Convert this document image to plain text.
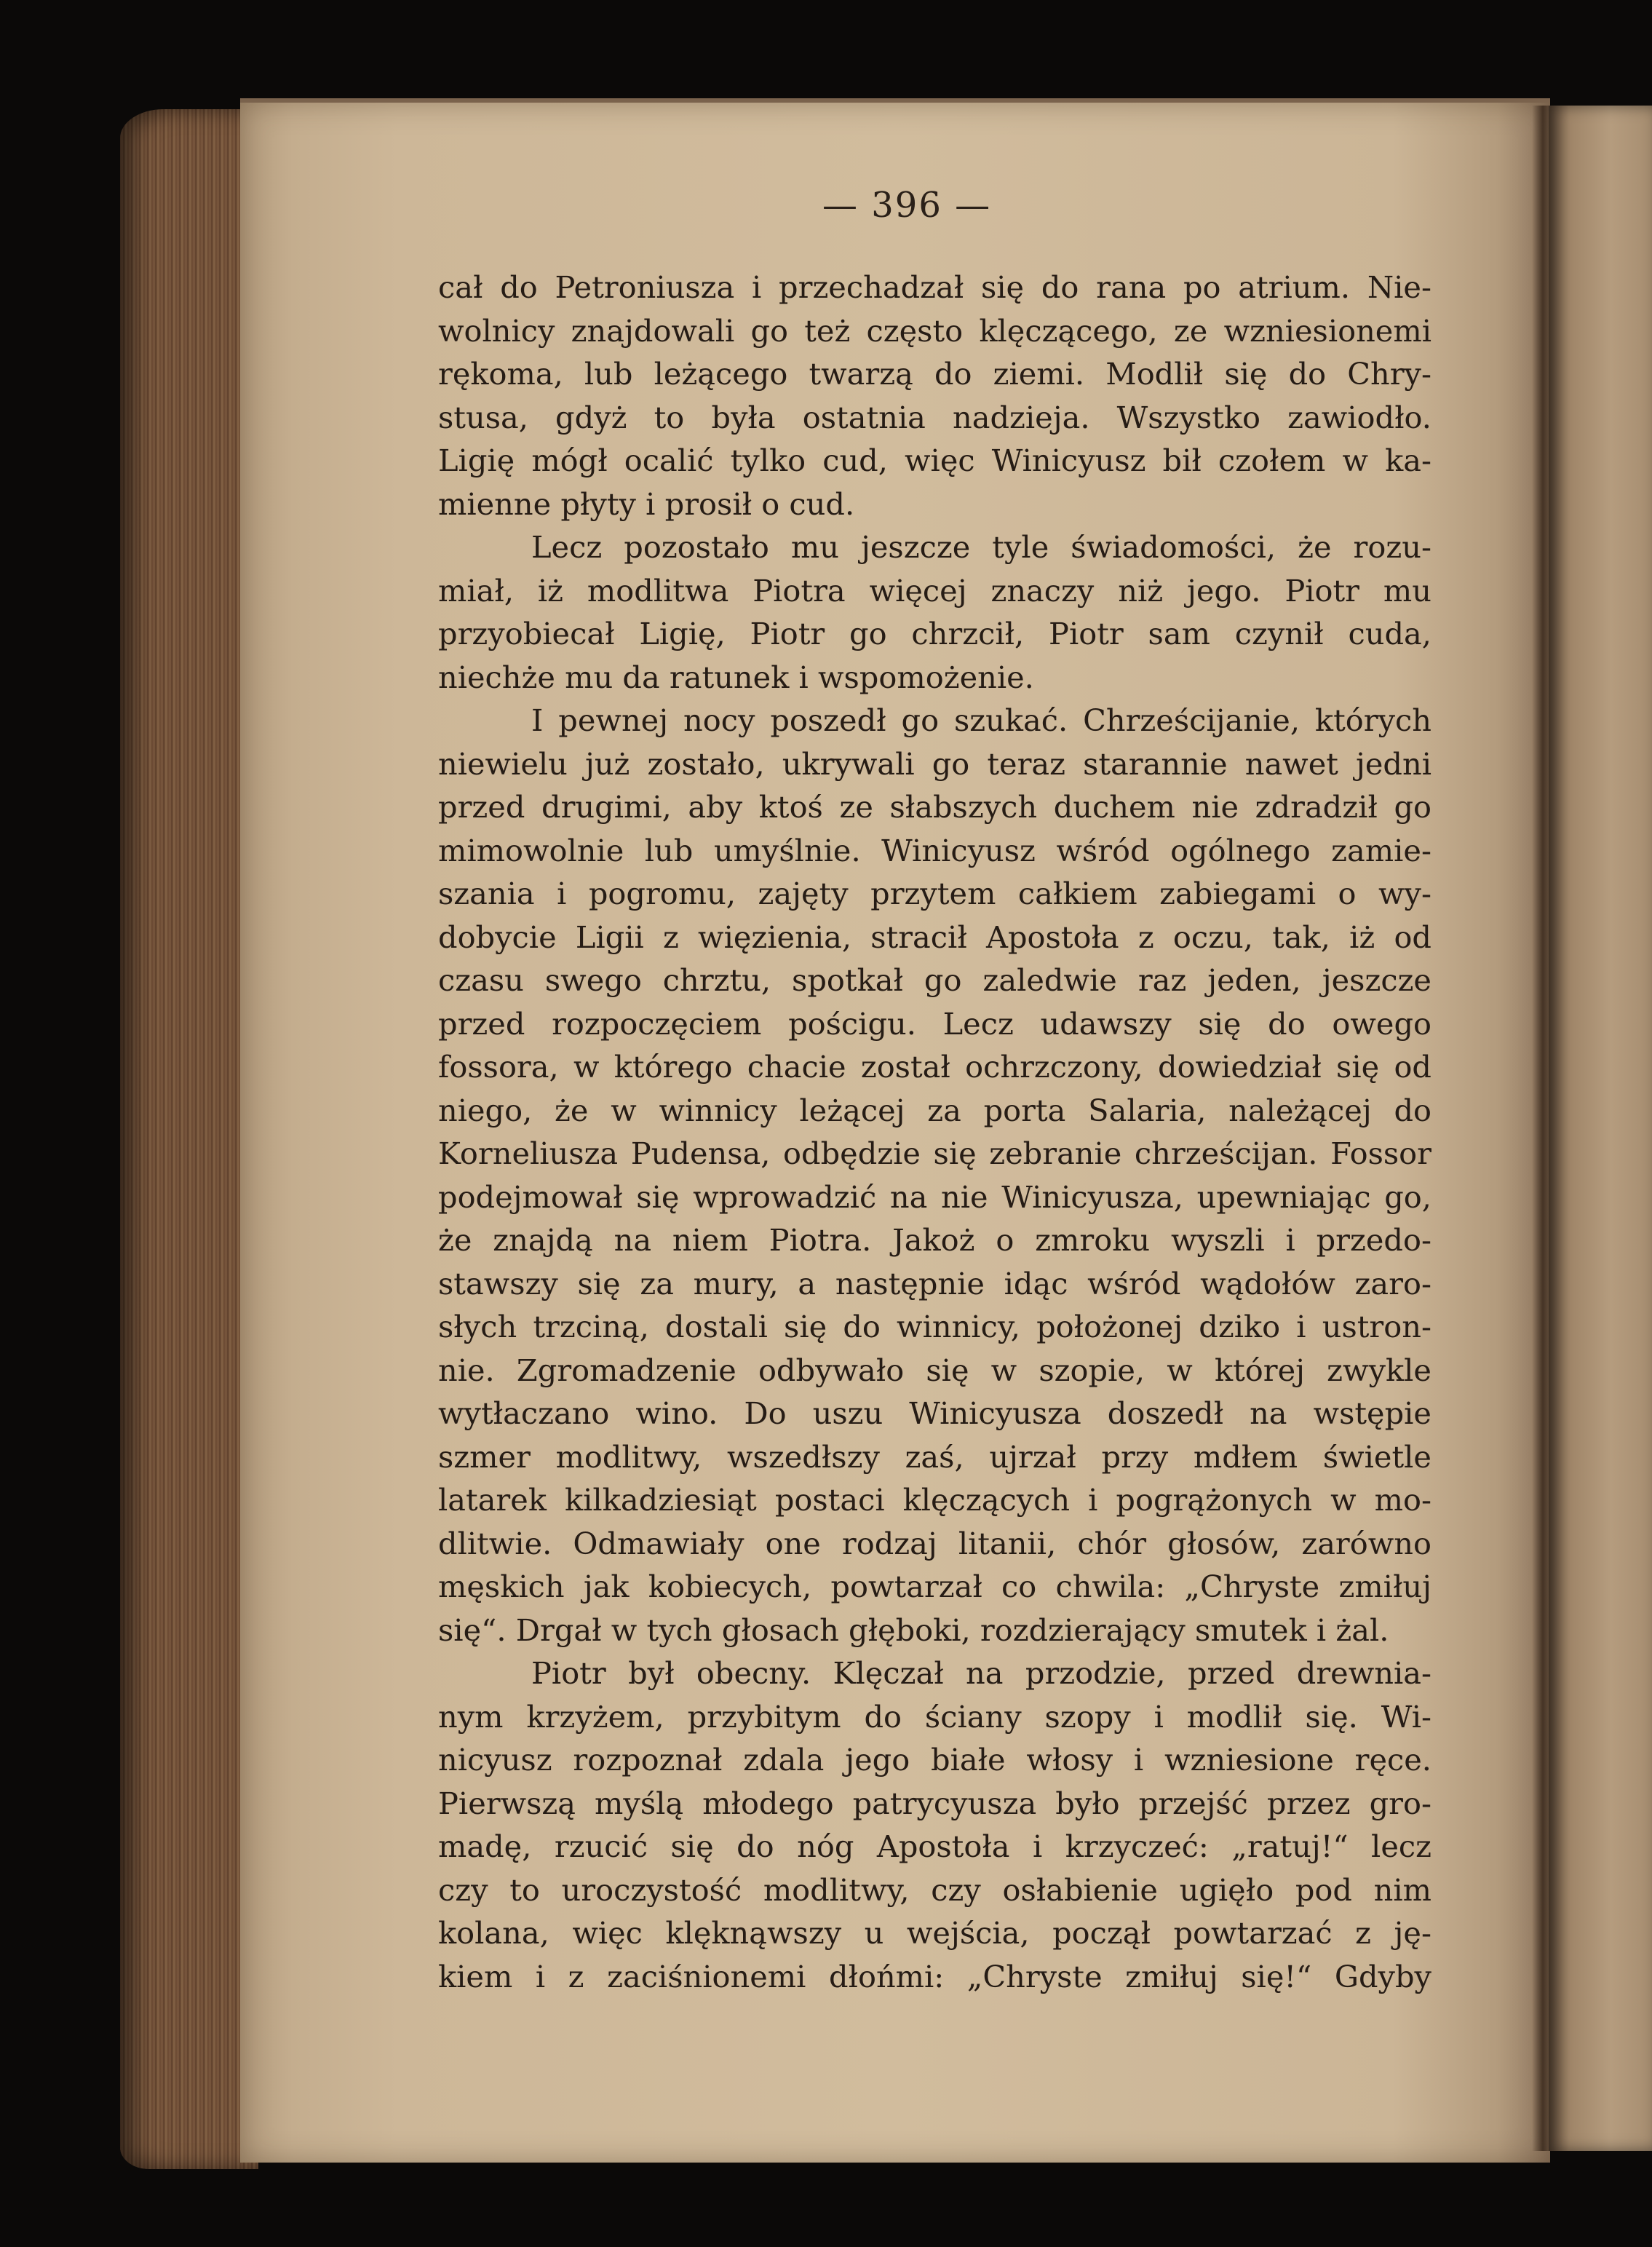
— 396 —
cał do Petroniusza i przechadzał się do rana po atrium. Nie-
wolnicy znajdowali go też często klęczącego, ze wzniesionemi
rękoma, lub leżącego twarzą do ziemi. Modlił się do Chry-
stusa, gdyż to była ostatnia nadzieja. Wszystko zawiodło.
Ligię mógł ocalić tylko cud, więc Winicyusz bił czołem w ka-
mienne płyty i prosił o cud.
Lecz pozostało mu jeszcze tyle świadomości, że rozu-
miał, iż modlitwa Piotra więcej znaczy niż jego. Piotr mu
przyobiecał Ligię, Piotr go chrzcił, Piotr sam czynił cuda,
niechże mu da ratunek i wspomożenie.
I pewnej nocy poszedł go szukać. Chrześcijanie, których
niewielu już zostało, ukrywali go teraz starannie nawet jedni
przed drugimi, aby ktoś ze słabszych duchem nie zdradził go
mimowolnie lub umyślnie. Winicyusz wśród ogólnego zamie-
szania i pogromu, zajęty przytem całkiem zabiegami o wy-
dobycie Ligii z więzienia, stracił Apostoła z oczu, tak, iż od
czasu swego chrztu, spotkał go zaledwie raz jeden, jeszcze
przed rozpoczęciem pościgu. Lecz udawszy się do owego
fossora, w którego chacie został ochrzczony, dowiedział się od
niego, że w winnicy leżącej za porta Salaria, należącej do
Korneliusza Pudensa, odbędzie się zebranie chrześcijan. Fossor
podejmował się wprowadzić na nie Winicyusza, upewniając go,
że znajdą na niem Piotra. Jakoż o zmroku wyszli i przedo-
stawszy się za mury, a następnie idąc wśród wądołów zaro-
słych trzciną, dostali się do winnicy, położonej dziko i ustron-
nie. Zgromadzenie odbywało się w szopie, w której zwykle
wytłaczano wino. Do uszu Winicyusza doszedł na wstępie
szmer modlitwy, wszedłszy zaś, ujrzał przy mdłem świetle
latarek kilkadziesiąt postaci klęczących i pogrążonych w mo-
dlitwie. Odmawiały one rodzaj litanii, chór głosów, zarówno
męskich jak kobiecych, powtarzał co chwila: „Chryste zmiłuj
się“. Drgał w tych głosach głęboki, rozdzierający smutek i żal.
Piotr był obecny. Klęczał na przodzie, przed drewnia-
nym krzyżem, przybitym do ściany szopy i modlił się. Wi-
nicyusz rozpoznał zdala jego białe włosy i wzniesione ręce.
Pierwszą myślą młodego patrycyusza było przejść przez gro-
madę, rzucić się do nóg Apostoła i krzyczeć: „ratuj!“ lecz
czy to uroczystość modlitwy, czy osłabienie ugięło pod nim
kolana, więc klęknąwszy u wejścia, począł powtarzać z ję-
kiem i z zaciśnionemi dłońmi: „Chryste zmiłuj się!“ Gdyby
